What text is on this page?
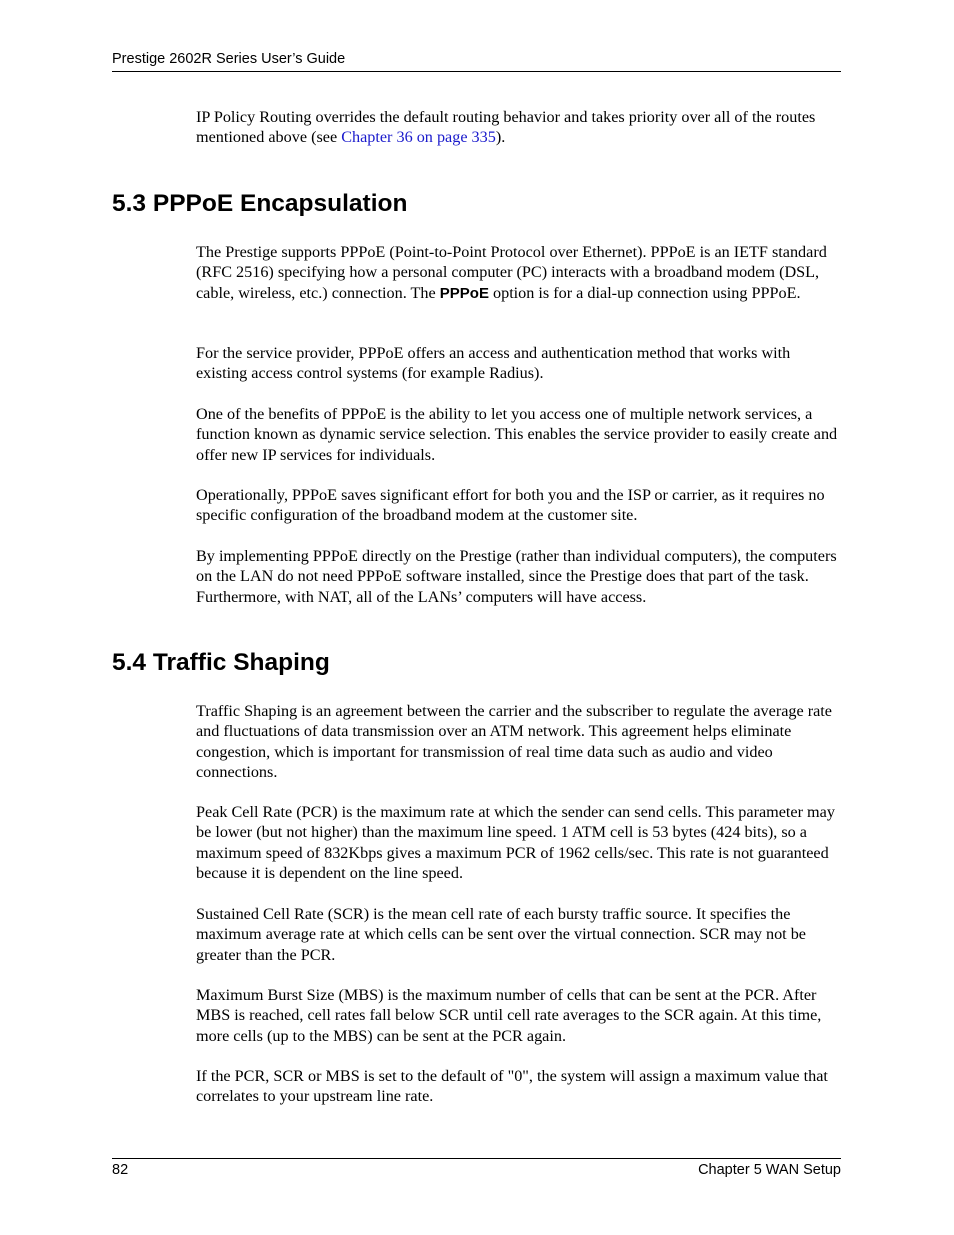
Prestige 2602R Series User’s Guide

IP Policy Routing overrides the default routing behavior and takes priority over all of the routes mentioned above (see Chapter 36 on page 335).

5.3 PPPoE Encapsulation

The Prestige supports PPPoE (Point-to-Point Protocol over Ethernet). PPPoE is an IETF standard (RFC 2516) specifying how a personal computer (PC) interacts with a broadband modem (DSL, cable, wireless, etc.) connection. The PPPoE option is for a dial-up connection using PPPoE.

For the service provider, PPPoE offers an access and authentication method that works with existing access control systems (for example Radius).

One of the benefits of PPPoE is the ability to let you access one of multiple network services, a function known as dynamic service selection. This enables the service provider to easily create and offer new IP services for individuals.

Operationally, PPPoE saves significant effort for both you and the ISP or carrier, as it requires no specific configuration of the broadband modem at the customer site.

By implementing PPPoE directly on the Prestige (rather than individual computers), the computers on the LAN do not need PPPoE software installed, since the Prestige does that part of the task. Furthermore, with NAT, all of the LANs’ computers will have access.

5.4 Traffic Shaping

Traffic Shaping is an agreement between the carrier and the subscriber to regulate the average rate and fluctuations of data transmission over an ATM network. This agreement helps eliminate congestion, which is important for transmission of real time data such as audio and video connections.

Peak Cell Rate (PCR) is the maximum rate at which the sender can send cells. This parameter may be lower (but not higher) than the maximum line speed. 1 ATM cell is 53 bytes (424 bits), so a maximum speed of 832Kbps gives a maximum PCR of 1962 cells/sec. This rate is not guaranteed because it is dependent on the line speed.

Sustained Cell Rate (SCR) is the mean cell rate of each bursty traffic source. It specifies the maximum average rate at which cells can be sent over the virtual connection. SCR may not be greater than the PCR.

Maximum Burst Size (MBS) is the maximum number of cells that can be sent at the PCR. After MBS is reached, cell rates fall below SCR until cell rate averages to the SCR again. At this time, more cells (up to the MBS) can be sent at the PCR again.

If the PCR, SCR or MBS is set to the default of "0", the system will assign a maximum value that correlates to your upstream line rate.

82	Chapter 5 WAN Setup
